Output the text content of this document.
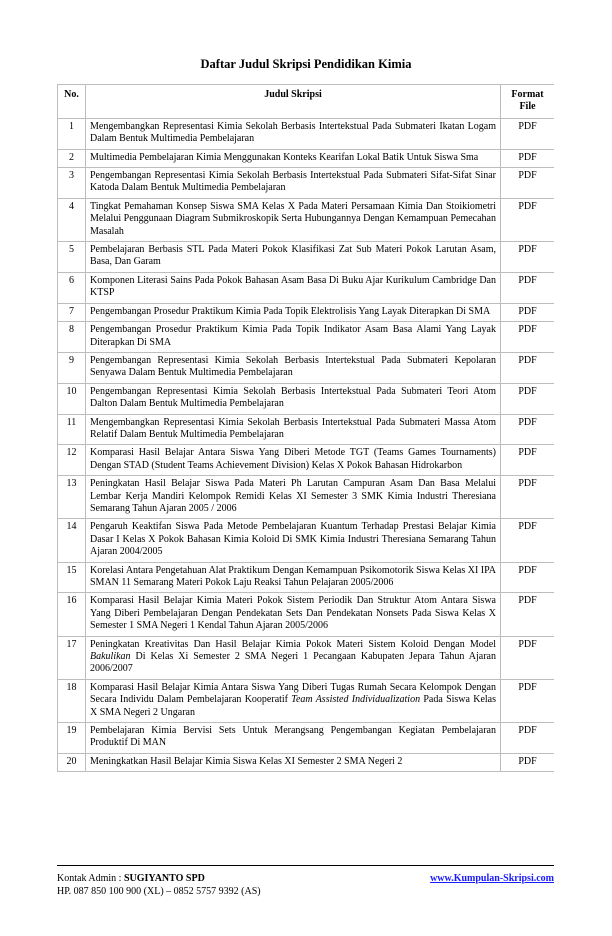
Daftar Judul Skripsi Pendidikan Kimia
No.	Judul Skripsi	Format File
1	Mengembangkan Representasi Kimia Sekolah Berbasis Intertekstual Pada Submateri Ikatan Logam Dalam Bentuk Multimedia Pembelajaran	PDF
2	Multimedia Pembelajaran Kimia Menggunakan Konteks Kearifan Lokal Batik Untuk Siswa Sma	PDF
3	Pengembangan Representasi Kimia Sekolah Berbasis Intertekstual Pada Submateri Sifat-Sifat Sinar Katoda Dalam Bentuk Multimedia Pembelajaran	PDF
4	Tingkat Pemahaman Konsep Siswa SMA Kelas X Pada Materi Persamaan Kimia Dan Stoikiometri Melalui Penggunaan Diagram Submikroskopik Serta Hubungannya Dengan Kemampuan Pemecahan Masalah	PDF
5	Pembelajaran Berbasis STL Pada Materi Pokok Klasifikasi Zat Sub Materi Pokok Larutan Asam, Basa, Dan Garam	PDF
6	Komponen Literasi Sains Pada Pokok Bahasan Asam Basa Di Buku Ajar Kurikulum Cambridge Dan KTSP	PDF
7	Pengembangan Prosedur Praktikum Kimia Pada Topik Elektrolisis Yang Layak Diterapkan Di SMA	PDF
8	Pengembangan Prosedur Praktikum Kimia Pada Topik Indikator Asam Basa Alami Yang Layak Diterapkan Di SMA	PDF
9	Pengembangan Representasi Kimia Sekolah Berbasis Intertekstual Pada Submateri Kepolaran Senyawa Dalam Bentuk Multimedia Pembelajaran	PDF
10	Pengembangan Representasi Kimia Sekolah Berbasis Intertekstual Pada Submateri Teori Atom Dalton Dalam Bentuk Multimedia Pembelajaran	PDF
11	Mengembangkan Representasi Kimia Sekolah Berbasis Intertekstual Pada Submateri Massa Atom Relatif Dalam Bentuk Multimedia Pembelajaran	PDF
12	Komparasi Hasil Belajar Antara Siswa Yang Diberi Metode TGT (Teams Games Tournaments) Dengan STAD (Student Teams Achievement Division) Kelas X Pokok Bahasan Hidrokarbon	PDF
13	Peningkatan Hasil Belajar Siswa Pada Materi Ph Larutan Campuran Asam Dan Basa Melalui Lembar Kerja Mandiri Kelompok Remidi Kelas XI Semester 3 SMK Kimia Industri Theresiana Semarang Tahun Ajaran 2005 / 2006	PDF
14	Pengaruh Keaktifan Siswa Pada Metode Pembelajaran Kuantum Terhadap Prestasi Belajar Kimia Dasar I Kelas X Pokok Bahasan Kimia Koloid Di SMK Kimia Industri Theresiana Semarang Tahun Ajaran 2004/2005	PDF
15	Korelasi Antara Pengetahuan Alat Praktikum Dengan Kemampuan Psikomotorik Siswa Kelas XI IPA SMAN 11 Semarang Materi Pokok Laju Reaksi Tahun Pelajaran 2005/2006	PDF
16	Komparasi Hasil Belajar Kimia Materi Pokok Sistem Periodik Dan Struktur Atom Antara Siswa Yang Diberi Pembelajaran Dengan Pendekatan Sets Dan Pendekatan Nonsets Pada Siswa Kelas X Semester 1 SMA Negeri 1 Kendal Tahun Ajaran 2005/2006	PDF
17	Peningkatan Kreativitas Dan Hasil Belajar Kimia Pokok Materi Sistem Koloid Dengan Model Bakulikan Di Kelas Xi Semester 2 SMA Negeri 1 Pecangaan Kabupaten Jepara Tahun Ajaran 2006/2007	PDF
18	Komparasi Hasil Belajar Kimia Antara Siswa Yang Diberi Tugas Rumah Secara Kelompok Dengan Secara Individu Dalam Pembelajaran Kooperatif Team Assisted Individualization Pada Siswa Kelas X SMA Negeri 2 Ungaran	PDF
19	Pembelajaran Kimia Bervisi Sets Untuk Merangsang Pengembangan Kegiatan Pembelajaran Produktif Di MAN	PDF
20	Meningkatkan Hasil Belajar Kimia Siswa Kelas XI Semester 2 SMA Negeri 2	PDF
Kontak Admin : SUGIYANTO SPD
HP. 087 850 100 900 (XL) – 0852 5757 9392 (AS)
www.Kumpulan-Skripsi.com
